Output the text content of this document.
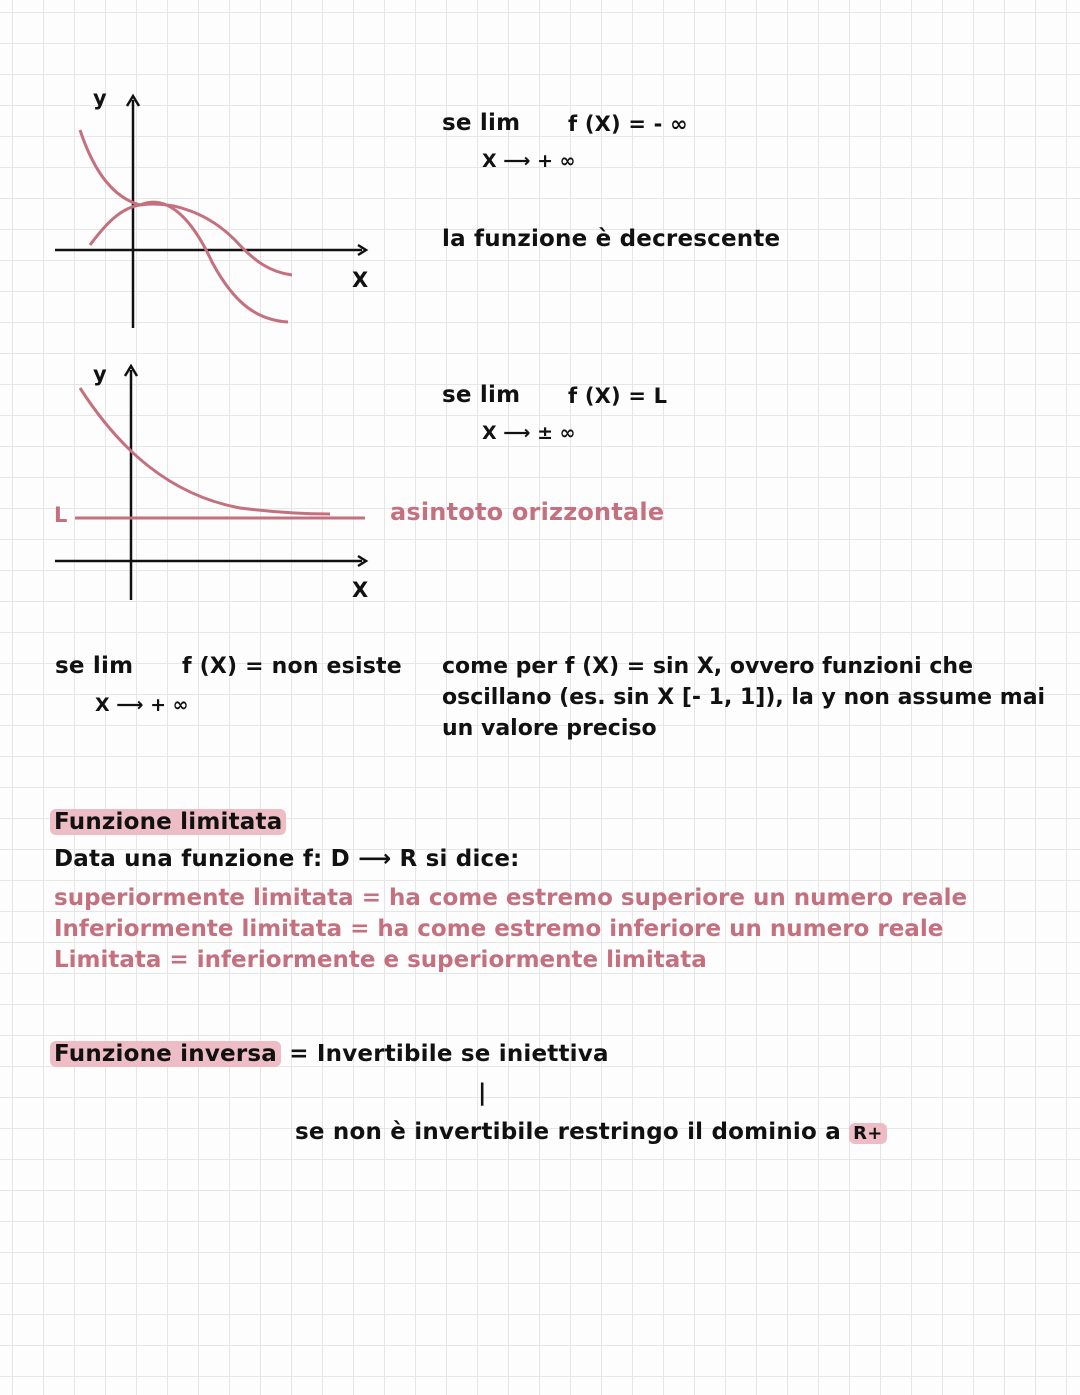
y
X
y
X
L
se lim f (X) = - ∞
X ⟶ + ∞
la funzione è decrescente
se lim f (X) = L
X ⟶ ± ∞
asintoto orizzontale
se lim f (X) = non esiste
X ⟶ + ∞
come per f (X) = sin X, ovvero funzioni che
oscillano (es. sin X [- 1, 1]), la y non assume mai
un valore preciso
Funzione limitata
Data una funzione f: D ⟶ R si dice:
superiormente limitata = ha come estremo superiore un numero reale
Inferiormente limitata = ha come estremo inferiore un numero reale
Limitata = inferiormente e superiormente limitata
Funzione inversa = Invertibile se iniettiva
|
se non è invertibile restringo il dominio a R+
